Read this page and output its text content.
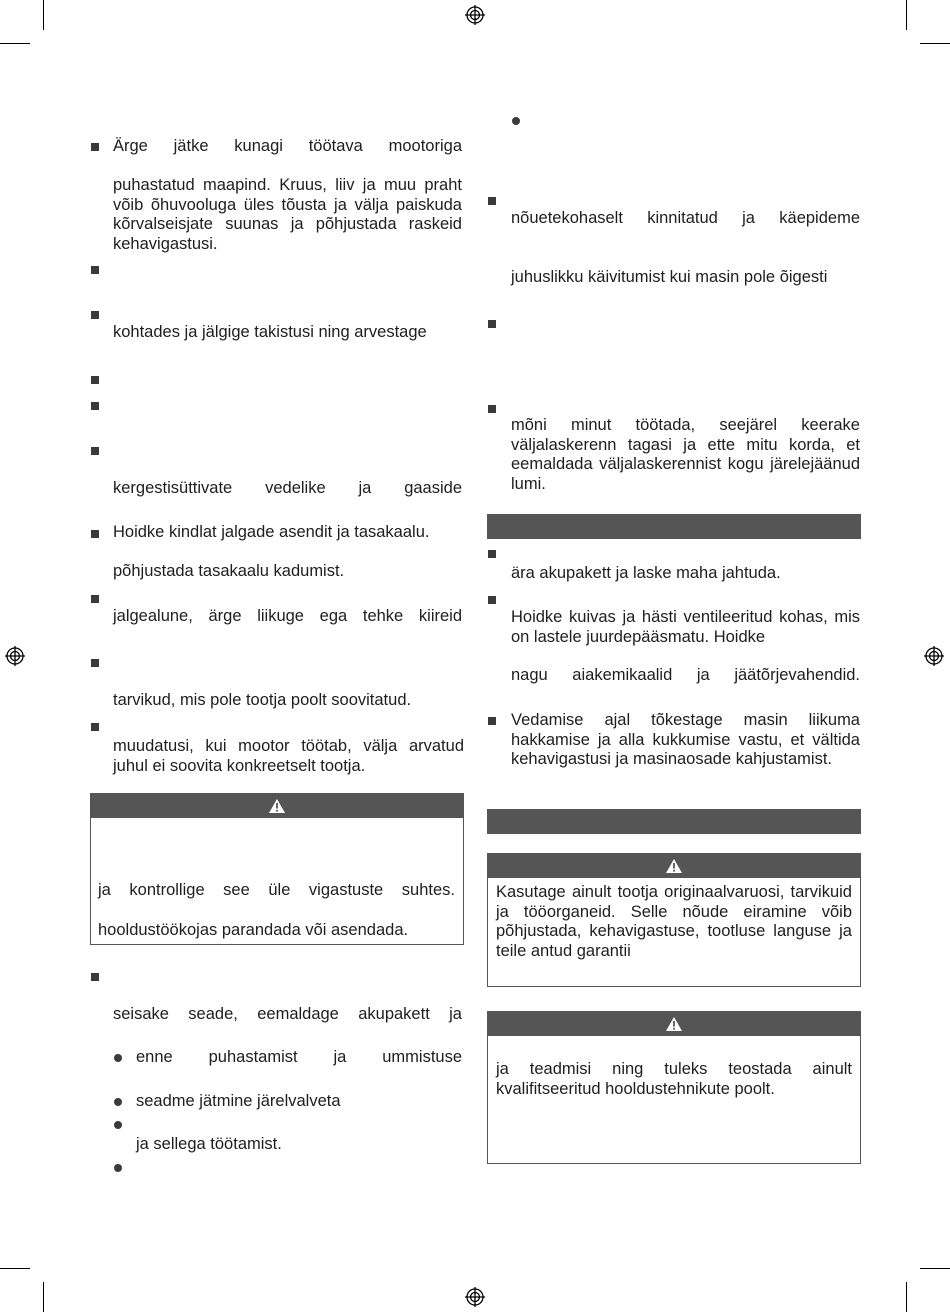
Ärge jätke kunagi töötava mootoriga
puhastatud maapind. Kruus, liiv ja muu praht võib õhuvooluga üles tõusta ja välja paiskuda kõrvalseisjate suunas ja põhjustada raskeid kehavigastusi.
kohtades ja jälgige takistusi ning arvestage
kergestisüttivate vedelike ja gaaside
Hoidke kindlat jalgade asendit ja tasakaalu.
põhjustada tasakaalu kadumist.
jalgealune, ärge liikuge ega tehke kiireid
tarvikud, mis pole tootja poolt soovitatud.
muudatusi, kui mootor töötab, välja arvatud juhul ei soovita konkreetselt tootja.
ja kontrollige see üle vigastuste suhtes.
hooldustöökojas parandada või asendada.
seisake seade, eemaldage akupakett ja
enne puhastamist ja ummistuse
seadme jätmine järelvalveta
ja sellega töötamist.
nõuetekohaselt kinnitatud ja käepideme
juhuslikku käivitumist kui masin pole õigesti
mõni minut töötada, seejärel keerake väljalaskerenn tagasi ja ette mitu korda, et eemaldada väljalaskerennist kogu järelejäänud lumi.
ära akupakett ja laske maha jahtuda.
Hoidke kuivas ja hästi ventileeritud kohas, mis on lastele juurdepääsmatu. Hoidke
nagu aiakemikaalid ja jäätõrjevahendid.
Vedamise ajal tõkestage masin liikuma hakkamise ja alla kukkumise vastu, et vältida kehavigastusi ja masinaosade kahjustamist.
Kasutage ainult tootja originaalvaruosi, tarvikuid ja tööorganeid. Selle nõude eiramine võib põhjustada, kehavigastuse, tootluse languse ja teile antud garantii
ja teadmisi ning tuleks teostada ainult kvalifitseeritud hooldustehnikute poolt.
